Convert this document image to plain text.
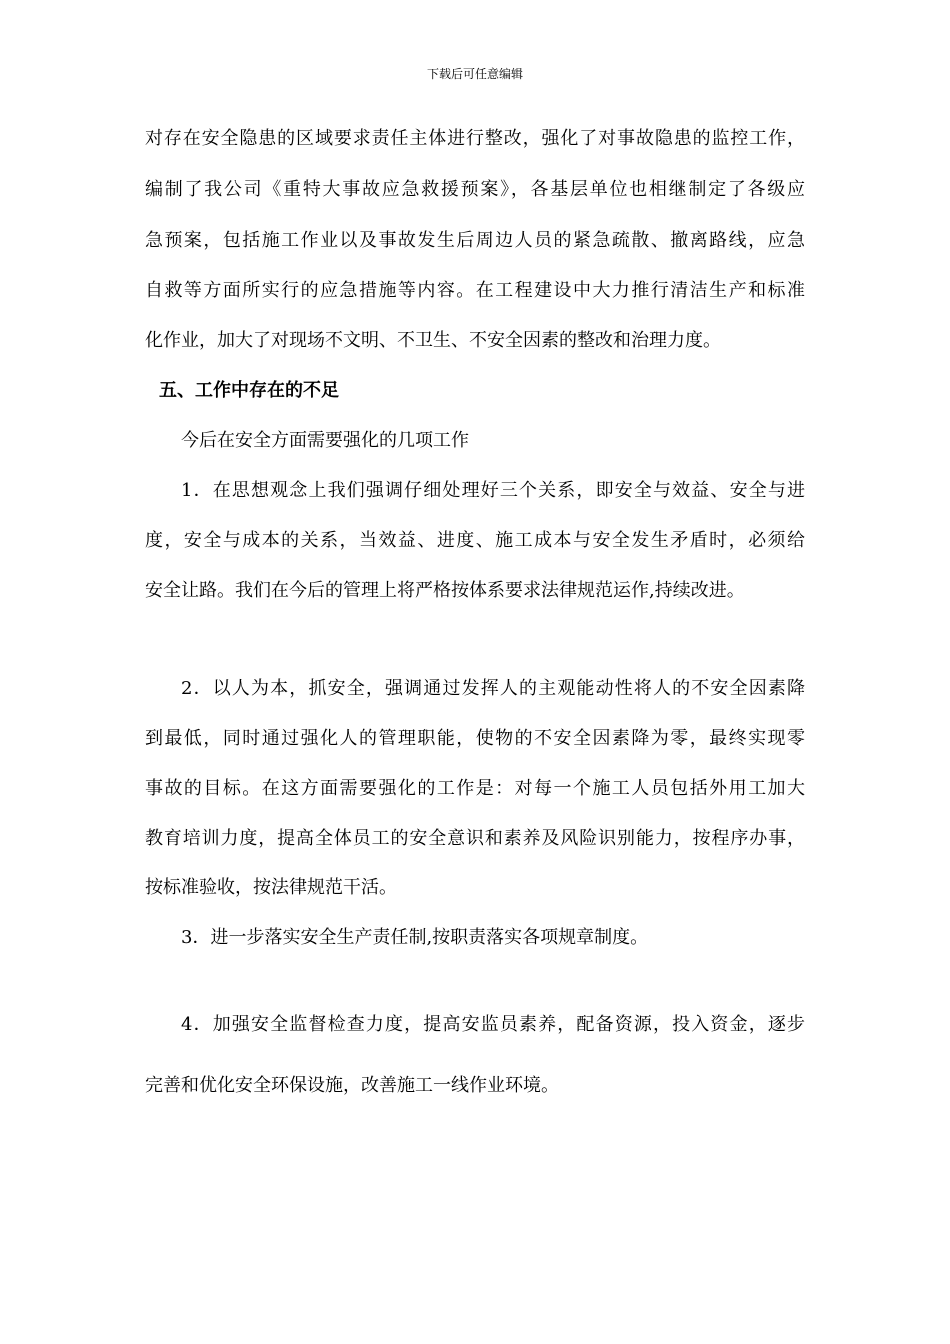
下载后可任意编辑
对存在安全隐患的区域要求责任主体进行整改，强化了对事故隐患的监控工作，
编制了我公司《重特大事故应急救援预案》，各基层单位也相继制定了各级应
急预案，包括施工作业以及事故发生后周边人员的紧急疏散、撤离路线，应急
自救等方面所实行的应急措施等内容。在工程建设中大力推行清洁生产和标准
化作业，加大了对现场不文明、不卫生、不安全因素的整改和治理力度。
五、工作中存在的不足
今后在安全方面需要强化的几项工作
1．在思想观念上我们强调仔细处理好三个关系，即安全与效益、安全与进
度，安全与成本的关系，当效益、进度、施工成本与安全发生矛盾时，必须给
安全让路。我们在今后的管理上将严格按体系要求法律规范运作,持续改进。
2．以人为本，抓安全，强调通过发挥人的主观能动性将人的不安全因素降
到最低，同时通过强化人的管理职能，使物的不安全因素降为零，最终实现零
事故的目标。在这方面需要强化的工作是：对每一个施工人员包括外用工加大
教育培训力度，提高全体员工的安全意识和素养及风险识别能力，按程序办事，
按标准验收，按法律规范干活。
3．进一步落实安全生产责任制,按职责落实各项规章制度。
4．加强安全监督检查力度，提高安监员素养，配备资源，投入资金，逐步
完善和优化安全环保设施，改善施工一线作业环境。
